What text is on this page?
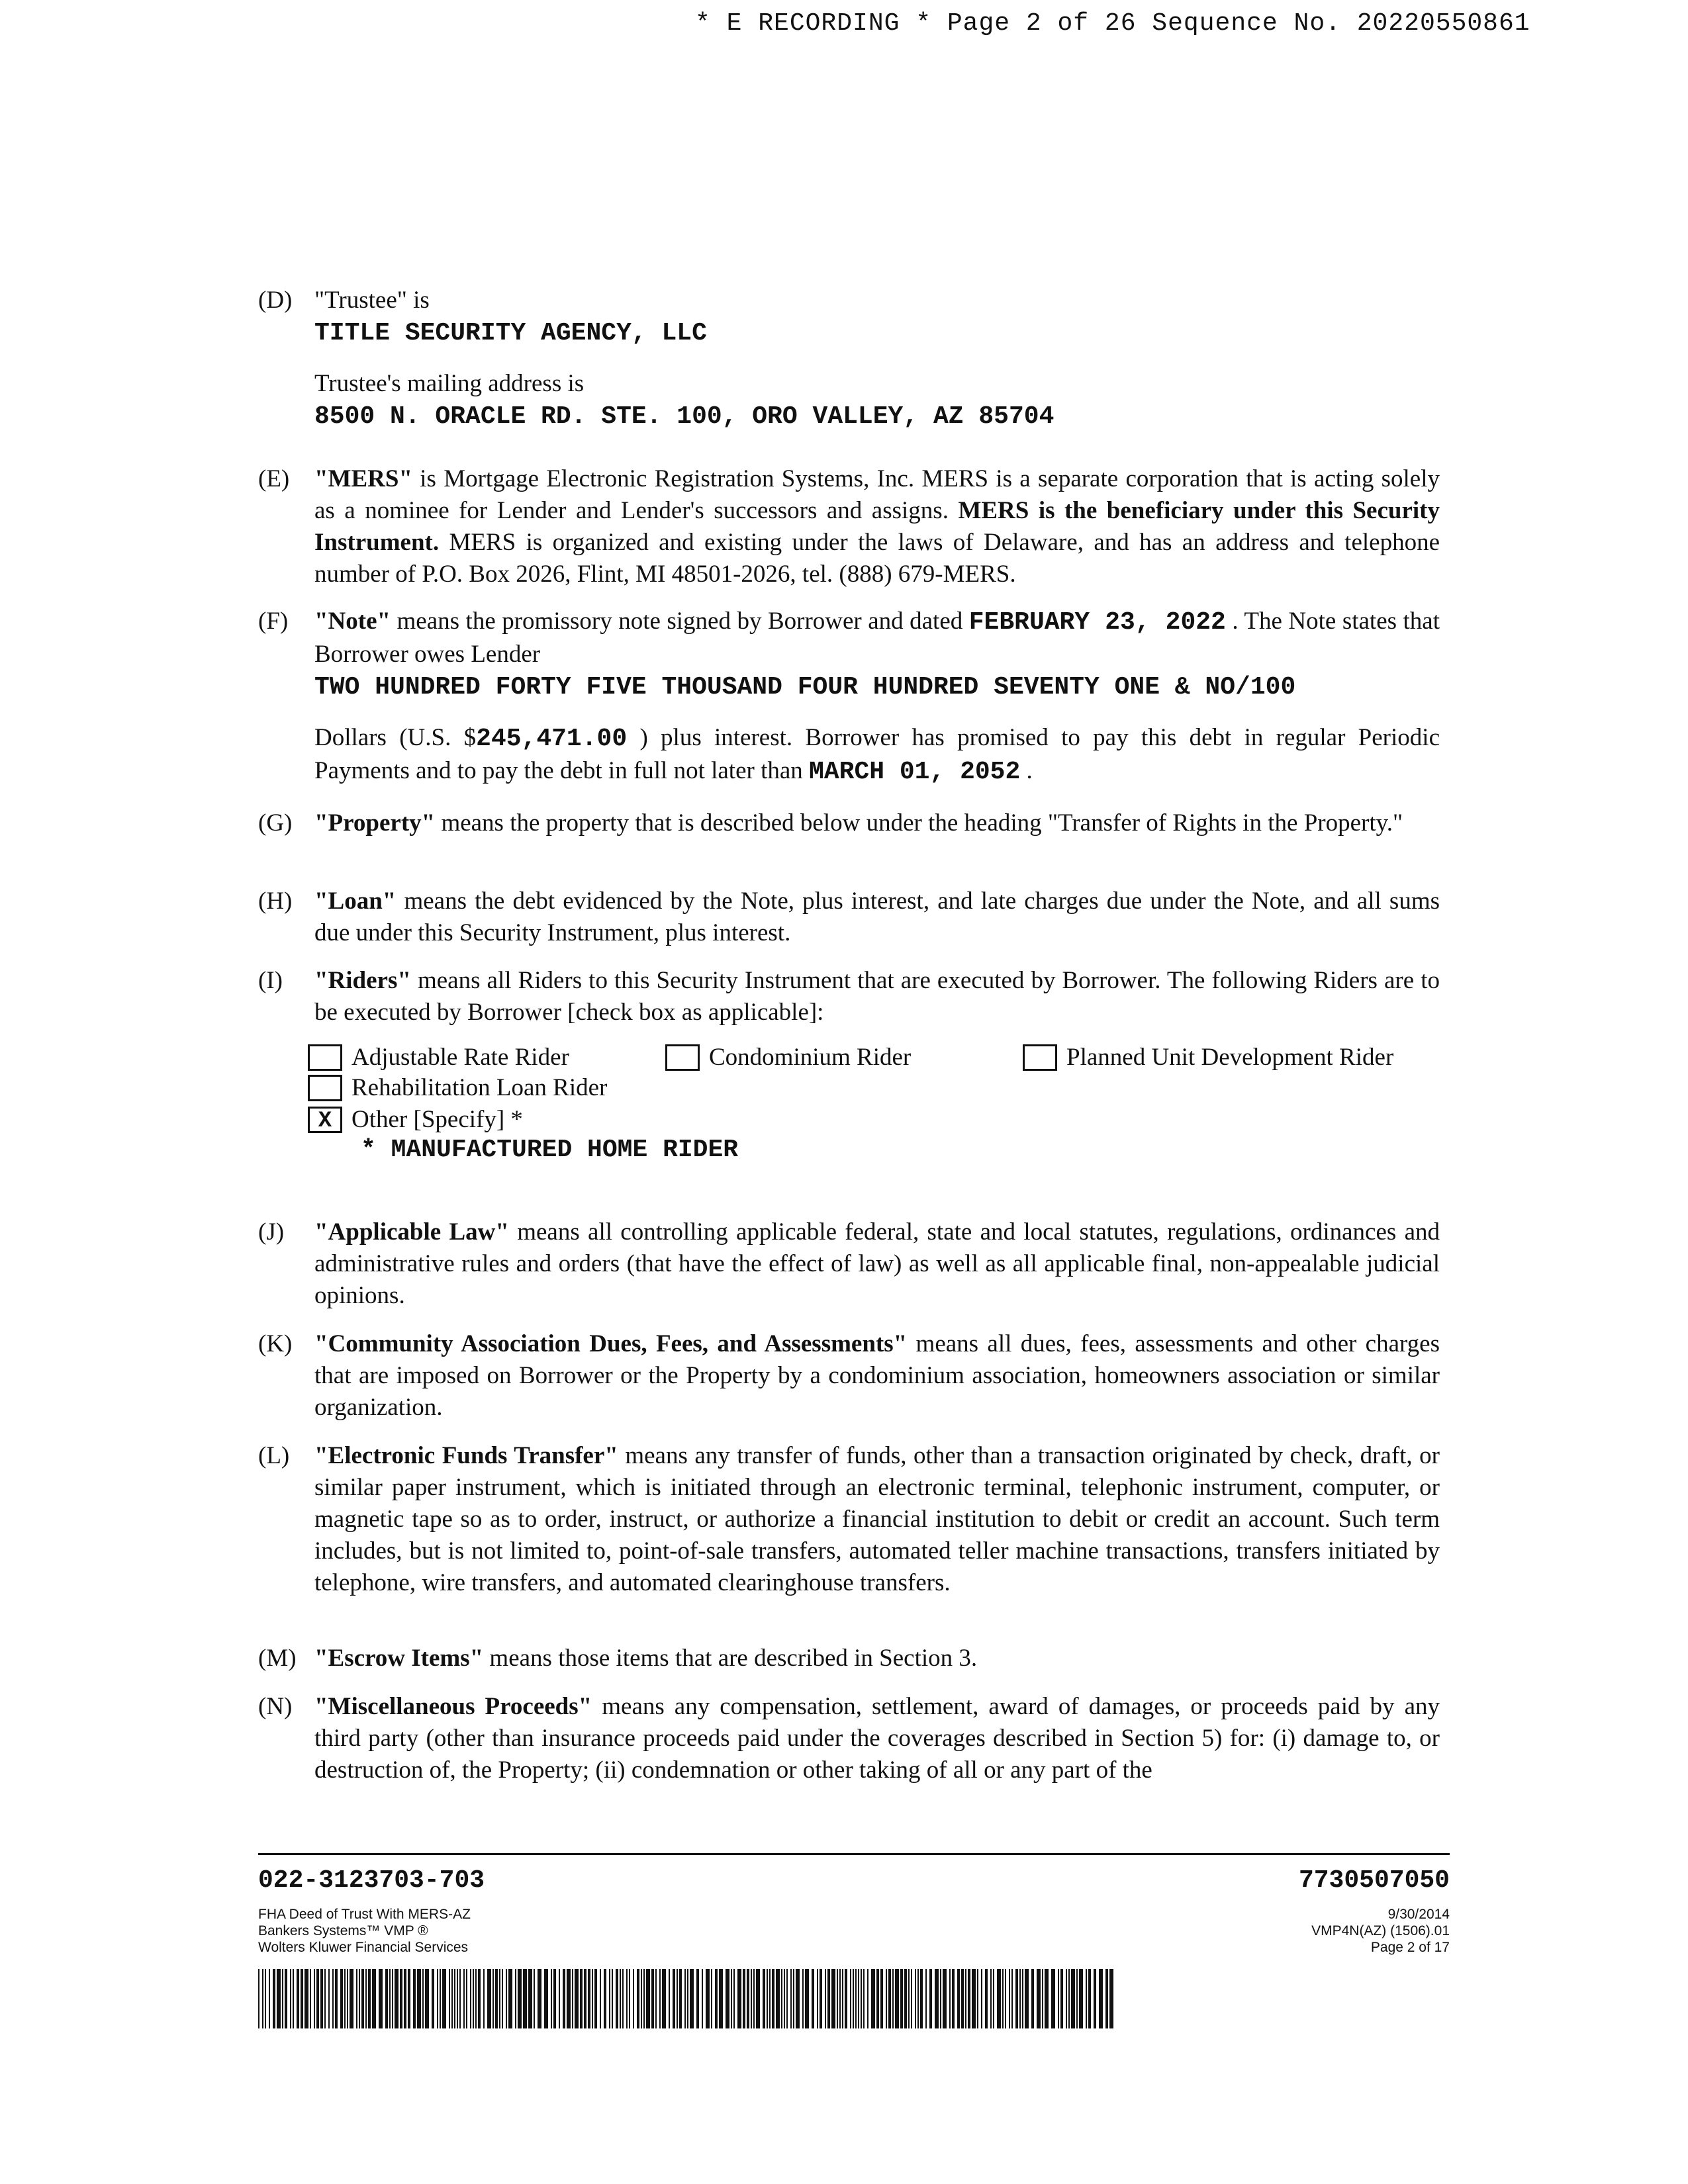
* E RECORDING * Page 2 of 26 Sequence No. 20220550861
(D) "Trustee" is

TITLE SECURITY AGENCY, LLC

Trustee's mailing address is

8500 N. ORACLE RD. STE. 100, ORO VALLEY, AZ 85704

(E)	"MERS" is Mortgage Electronic Registration Systems, Inc. MERS is a separate corporation that is acting solely as a nominee for Lender and Lender's successors and assigns. MERS is the beneficiary under this Security Instrument. MERS is organized and existing under the laws of Delaware, and has an address and telephone number of P.O. Box 2026, Flint, MI 48501-2026, tel. (888) 679-MERS.

(F)	"Note" means the promissory note signed by Borrower and dated FEBRUARY 23, 2022 . The Note states that Borrower owes Lender

TWO HUNDRED FORTY FIVE THOUSAND FOUR HUNDRED SEVENTY ONE & NO/100

Dollars (U.S. $245,471.00 ) plus interest. Borrower has promised to pay this debt in regular Periodic Payments and to pay the debt in full not later than MARCH 01, 2052 .

(G) "Property" means the property that is described below under the heading "Transfer of Rights in the Property."

(H) "Loan" means the debt evidenced by the Note, plus interest, and late charges due under the Note, and all sums due under this Security Instrument, plus interest.

(I)	"Riders" means all Riders to this Security Instrument that are executed by Borrower. The following Riders are to be executed by Borrower [check box as applicable]:

Adjustable Rate Rider	Condominium Rider	Planned Unit Development Rider
Rehabilitation Loan Rider
X Other [Specify] *
* MANUFACTURED HOME RIDER
(J)	"Applicable Law" means all controlling applicable federal, state and local statutes, regulations, ordinances and administrative rules and orders (that have the effect of law) as well as all applicable final, non-appealable judicial opinions.

(K) "Community Association Dues, Fees, and Assessments" means all dues, fees, assessments and other charges that are imposed on Borrower or the Property by a condominium association, homeowners association or similar organization.

(L)	"Electronic Funds Transfer" means any transfer of funds, other than a transaction originated by check, draft, or similar paper instrument, which is initiated through an electronic terminal, telephonic instrument, computer, or magnetic tape so as to order, instruct, or authorize a financial institution to debit or credit an account. Such term includes, but is not limited to, point-of-sale transfers, automated teller machine transactions, transfers initiated by telephone, wire transfers, and automated clearinghouse transfers.

(M) "Escrow Items" means those items that are described in Section 3.

(N) "Miscellaneous Proceeds" means any compensation, settlement, award of damages, or proceeds paid by any third party (other than insurance proceeds paid under the coverages described in Section 5) for: (i) damage to, or destruction of, the Property; (ii) condemnation or other taking of all or any part of the

022-3123703-703	7730507050
FHA Deed of Trust With MERS-AZ
Bankers Systems™ VMP ®
Wolters Kluwer Financial Services
9/30/2014
VMP4N(AZ) (1506).01
Page 2 of 17
